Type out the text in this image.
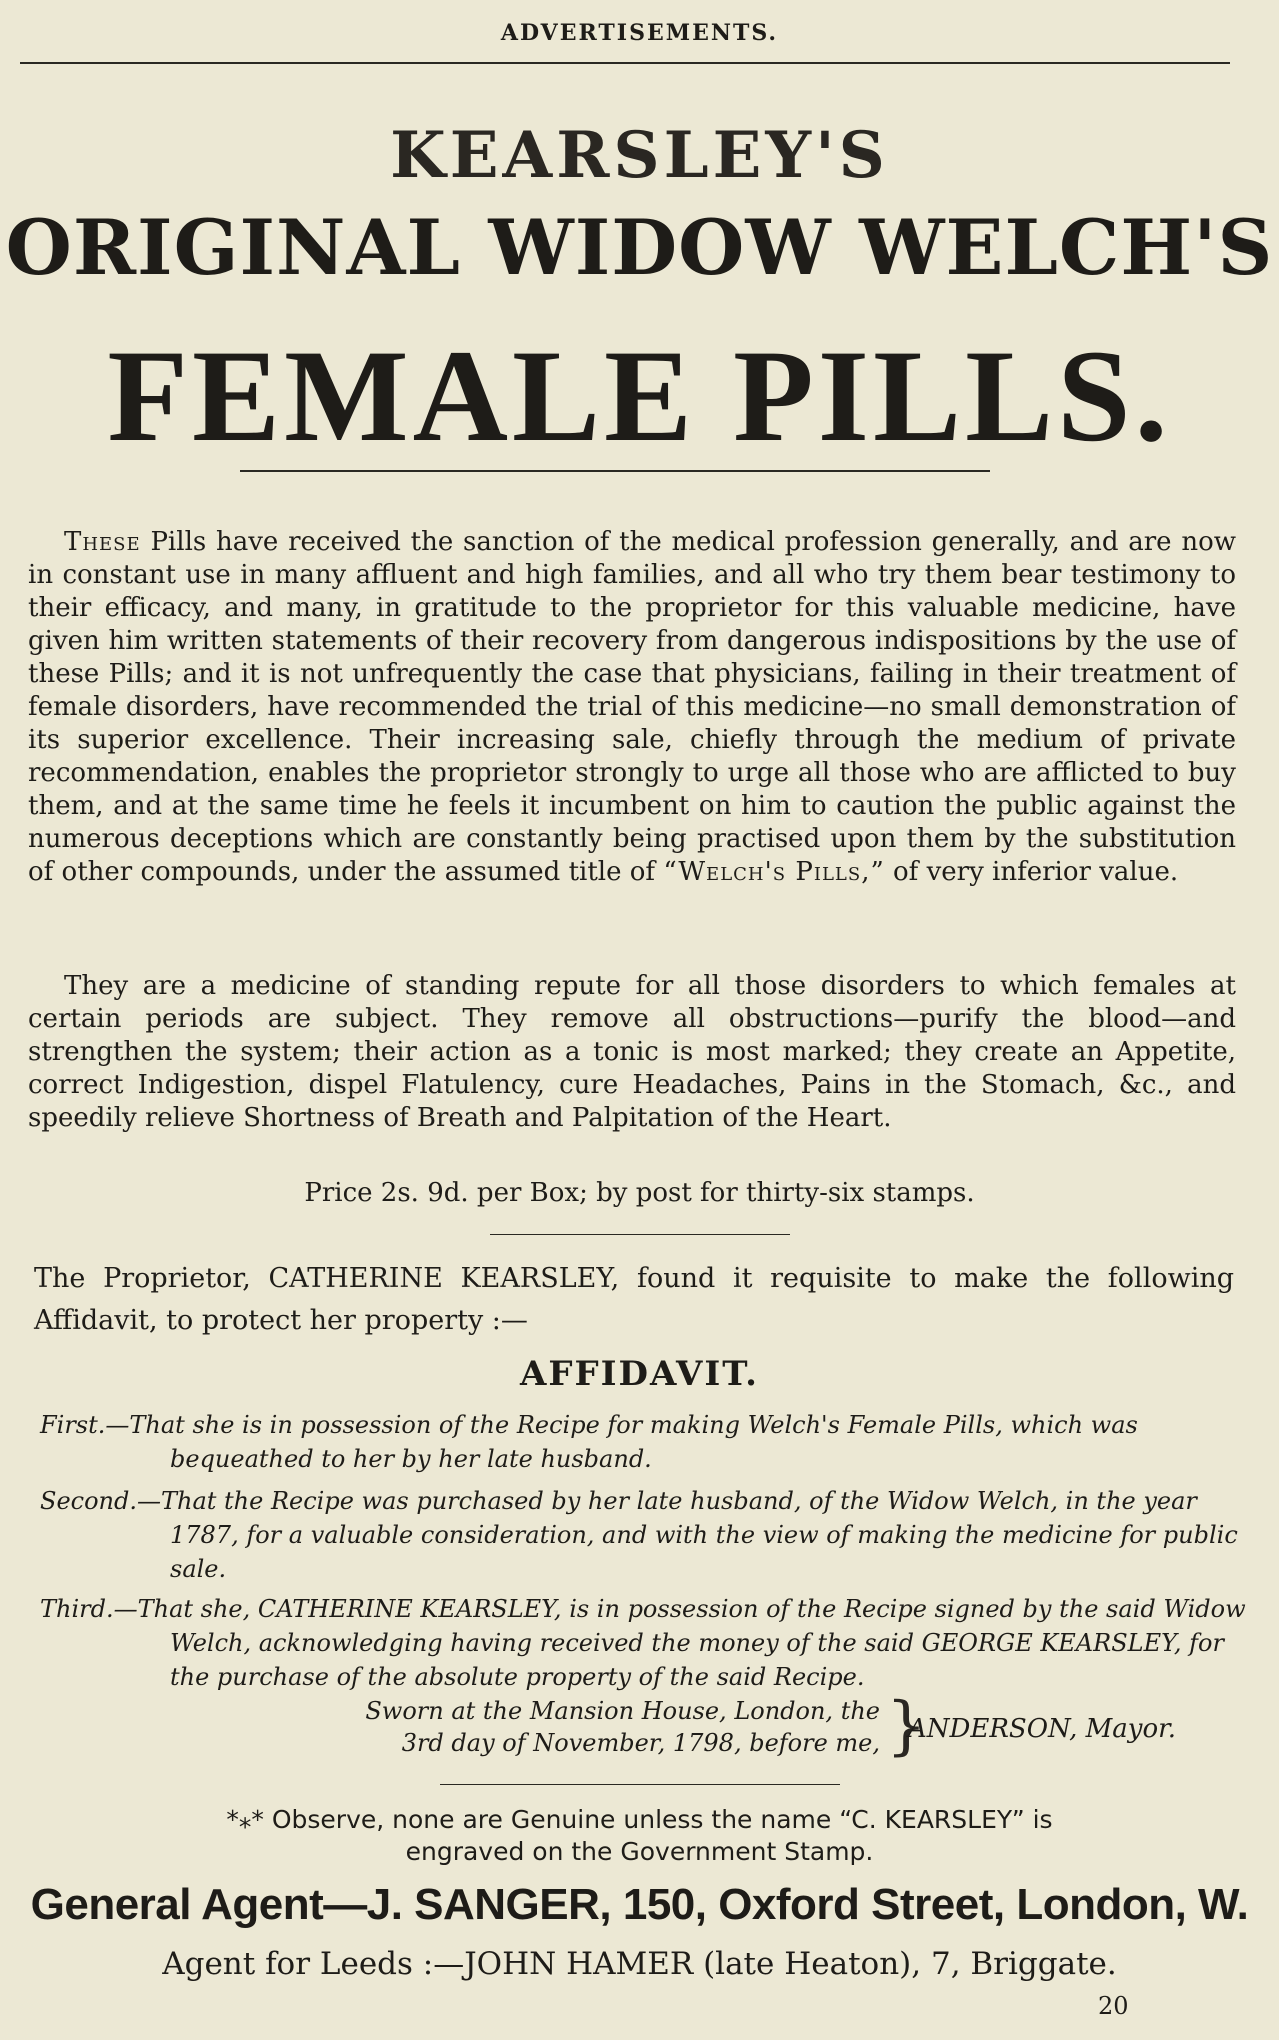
ADVERTISEMENTS.
KEARSLEY'S
ORIGINAL WIDOW WELCH'S
FEMALE PILLS.

These Pills have received the sanction of the medical profession generally, and are now in constant use in many affluent and high families, and all who try them bear testimony to their efficacy, and many, in gratitude to the proprietor for this valuable medicine, have given him written statements of their recovery from dangerous indispositions by the use of these Pills; and it is not unfrequently the case that physicians, failing in their treatment of female disorders, have recommended the trial of this medicine—no small demonstration of its superior excellence. Their increasing sale, chiefly through the medium of private recommendation, enables the proprietor strongly to urge all those who are afflicted to buy them, and at the same time he feels it incumbent on him to caution the public against the numerous deceptions which are constantly being practised upon them by the substitution of other compounds, under the assumed title of “Welch's Pills,” of very inferior value.

They are a medicine of standing repute for all those disorders to which females at certain periods are subject. They remove all obstructions—purify the blood—and strengthen the system; their action as a tonic is most marked; they create an Appetite, correct Indigestion, dispel Flatulency, cure Headaches, Pains in the Stomach, &c., and speedily relieve Shortness of Breath and Palpitation of the Heart.

Price 2s. 9d. per Box; by post for thirty-six stamps.
The Proprietor, CATHERINE KEARSLEY, found it requisite to make the following Affidavit, to protect her property :—
AFFIDAVIT.
First.—That she is in possession of the Recipe for making Welch's Female Pills, which was bequeathed to her by her late husband.
Second.—That the Recipe was purchased by her late husband, of the Widow Welch, in the year 1787, for a valuable consideration, and with the view of making the medicine for public sale.
Third.—That she, CATHERINE KEARSLEY, is in possession of the Recipe signed by the said Widow Welch, acknowledging having received the money of the said GEORGE KEARSLEY, for the purchase of the absolute property of the said Recipe.
Sworn at the Mansion House, London, the
3rd day of November, 1798, before me, }
ANDERSON, Mayor.
*⁎* Observe, none are Genuine unless the name “C. KEARSLEY” is
engraved on the Government Stamp.
General Agent—J. SANGER, 150, Oxford Street, London, W.
Agent for Leeds :—JOHN HAMER (late Heaton), 7, Briggate.
20
